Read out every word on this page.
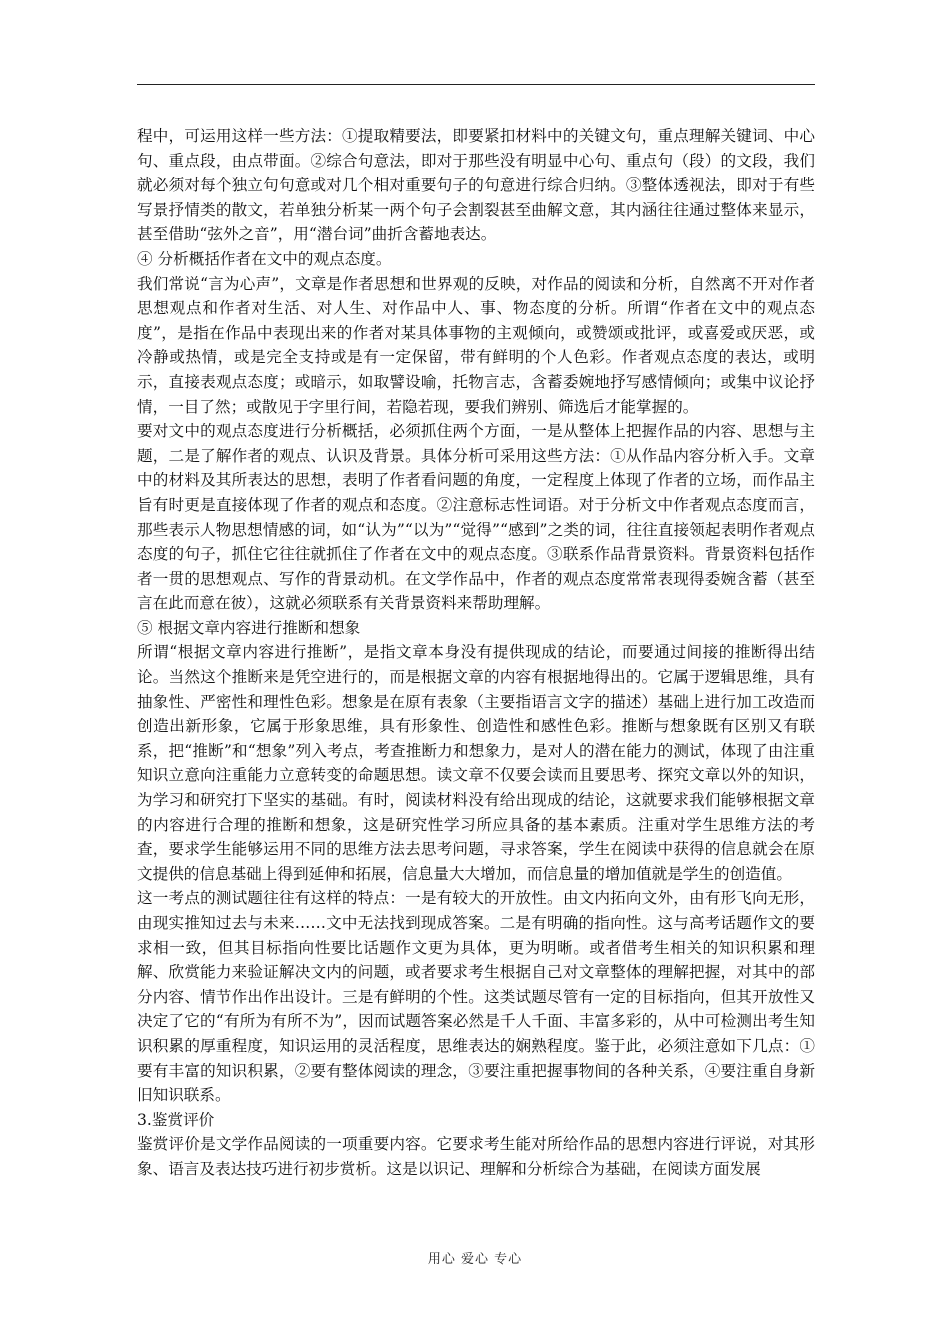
程中，可运用这样一些方法：①提取精要法，即要紧扣材料中的关键文句，重点理解关键词、中心句、重点段，由点带面。②综合句意法，即对于那些没有明显中心句、重点句（段）的文段，我们就必须对每个独立句句意或对几个相对重要句子的句意进行综合归纳。③整体透视法，即对于有些写景抒情类的散文，若单独分析某一两个句子会割裂甚至曲解文意，其内涵往往通过整体来显示，甚至借助“弦外之音”，用“潜台词”曲折含蓄地表达。

④ 分析概括作者在文中的观点态度。

我们常说“言为心声”，文章是作者思想和世界观的反映，对作品的阅读和分析，自然离不开对作者思想观点和作者对生活、对人生、对作品中人、事、物态度的分析。所谓“作者在文中的观点态度”，是指在作品中表现出来的作者对某具体事物的主观倾向，或赞颂或批评，或喜爱或厌恶，或冷静或热情，或是完全支持或是有一定保留，带有鲜明的个人色彩。作者观点态度的表达，或明示，直接表观点态度；或暗示，如取譬设喻，托物言志，含蓄委婉地抒写感情倾向；或集中议论抒情，一目了然；或散见于字里行间，若隐若现，要我们辨别、筛选后才能掌握的。

要对文中的观点态度进行分析概括，必须抓住两个方面，一是从整体上把握作品的内容、思想与主题，二是了解作者的观点、认识及背景。具体分析可采用这些方法：①从作品内容分析入手。文章中的材料及其所表达的思想，表明了作者看问题的角度，一定程度上体现了作者的立场，而作品主旨有时更是直接体现了作者的观点和态度。②注意标志性词语。对于分析文中作者观点态度而言，那些表示人物思想情感的词，如“认为”“以为”“觉得”“感到”之类的词，往往直接领起表明作者观点态度的句子，抓住它往往就抓住了作者在文中的观点态度。③联系作品背景资料。背景资料包括作者一贯的思想观点、写作的背景动机。在文学作品中，作者的观点态度常常表现得委婉含蓄（甚至言在此而意在彼），这就必须联系有关背景资料来帮助理解。

⑤ 根据文章内容进行推断和想象

所谓“根据文章内容进行推断”，是指文章本身没有提供现成的结论，而要通过间接的推断得出结论。当然这个推断来是凭空进行的，而是根据文章的内容有根据地得出的。它属于逻辑思维，具有抽象性、严密性和理性色彩。想象是在原有表象（主要指语言文字的描述）基础上进行加工改造而创造出新形象，它属于形象思维，具有形象性、创造性和感性色彩。推断与想象既有区别又有联系，把“推断”和“想象”列入考点，考查推断力和想象力，是对人的潜在能力的测试，体现了由注重知识立意向注重能力立意转变的命题思想。读文章不仅要会读而且要思考、探究文章以外的知识，为学习和研究打下坚实的基础。有时，阅读材料没有给出现成的结论，这就要求我们能够根据文章的内容进行合理的推断和想象，这是研究性学习所应具备的基本素质。注重对学生思维方法的考查，要求学生能够运用不同的思维方法去思考问题，寻求答案，学生在阅读中获得的信息就会在原文提供的信息基础上得到延伸和拓展，信息量大大增加，而信息量的增加值就是学生的创造值。

这一考点的测试题往往有这样的特点：一是有较大的开放性。由文内拓向文外，由有形飞向无形，由现实推知过去与未来……文中无法找到现成答案。二是有明确的指向性。这与高考话题作文的要求相一致，但其目标指向性要比话题作文更为具体，更为明晰。或者借考生相关的知识积累和理解、欣赏能力来验证解决文内的问题，或者要求考生根据自己对文章整体的理解把握，对其中的部分内容、情节作出作出设计。三是有鲜明的个性。这类试题尽管有一定的目标指向，但其开放性又决定了它的“有所为有所不为”，因而试题答案必然是千人千面、丰富多彩的，从中可检测出考生知识积累的厚重程度，知识运用的灵活程度，思维表达的娴熟程度。鉴于此，必须注意如下几点：①要有丰富的知识积累，②要有整体阅读的理念，③要注重把握事物间的各种关系，④要注重自身新旧知识联系。

3.鉴赏评价

鉴赏评价是文学作品阅读的一项重要内容。它要求考生能对所给作品的思想内容进行评说，对其形象、语言及表达技巧进行初步赏析。这是以识记、理解和分析综合为基础，在阅读方面发展

用心 爱心 专心
